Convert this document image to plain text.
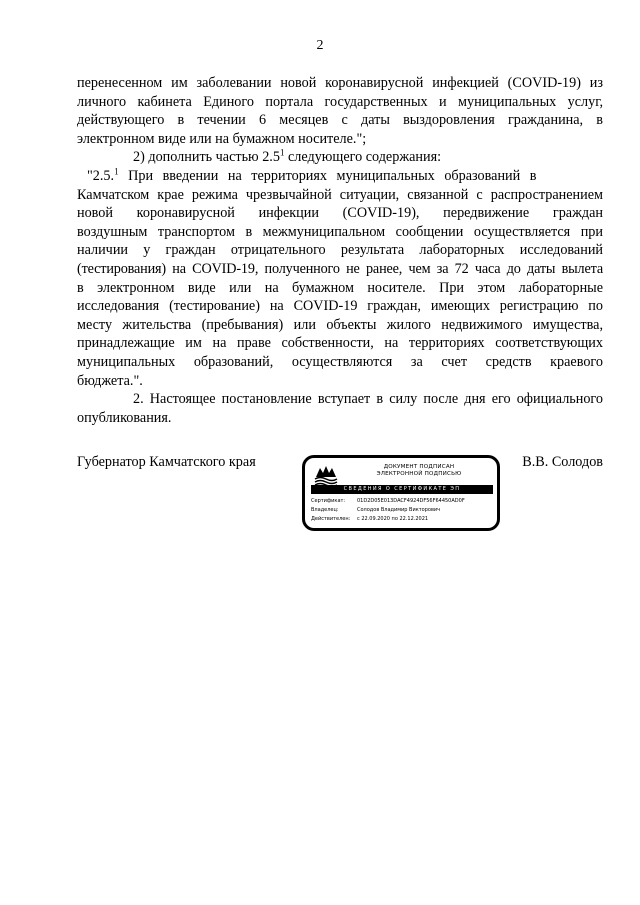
2
перенесенном им заболевании новой коронавирусной инфекцией (COVID-19) из
личного кабинета Единого портала государственных и муниципальных услуг,
действующего в течении 6 месяцев с даты выздоровления гражданина, в
электронном виде или на бумажном носителе.";
2) дополнить частью $2.5^1$ следующего содержания:
"2.5.$^1$ При введении на территориях муниципальных образований в
Камчатском крае режима чрезвычайной ситуации, связанной с распространением
новой коронавирусной инфекции (COVID-19), передвижение граждан
воздушным транспортом в межмуниципальном сообщении осуществляется при
наличии у граждан отрицательного результата лабораторных исследований
(тестирования) на COVID-19, полученного не ранее, чем за 72 часа до даты вылета
в электронном виде или на бумажном носителе. При этом лабораторные
исследования (тестирование) на COVID-19 граждан, имеющих регистрацию по
месту жительства (пребывания) или объекты жилого недвижимого имущества,
принадлежащие им на праве собственности, на территориях соответствующих
муниципальных образований, осуществляются за счет средств краевого
бюджета.".
2. Настоящее постановление вступает в силу после дня его официального
опубликования.
Губернатор Камчатского края	В.В. Солодов
ДОКУМЕНТ ПОДПИСАН
ЭЛЕКТРОННОЙ ПОДПИСЬЮ
СВЕДЕНИЯ О СЕРТИФИКАТЕ ЭП
Сертификат: 01D2D05E013DACF4924DF56F64450AD0F
Владелец:	Солодов Владимир Викторович
Действителен: с 22.09.2020 по 22.12.2021
